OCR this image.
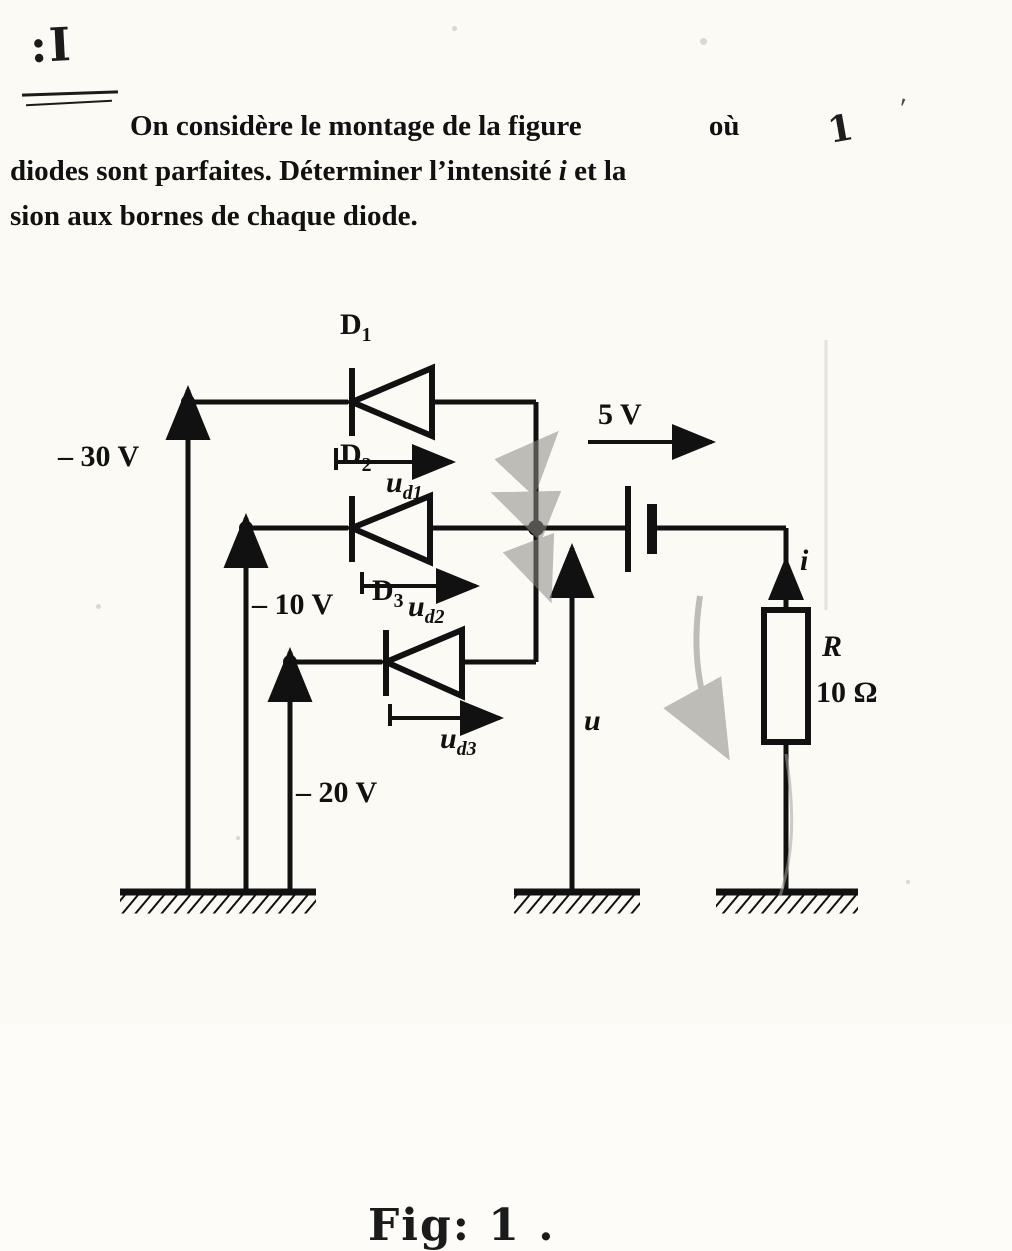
:I
On considère le montage de la figure	où
diodes sont parfaites. Déterminer l’intensité i et la
sion aux bornes de chaque diode.
1 '
$D_1$
$D_2$
$D_3$
$u_{d1}$
$u_{d2}$
$u_{d3}$
– 30 V
– 10 V
– 20 V
5 V
i
u
R
10 Ω
Fig: 1 .
